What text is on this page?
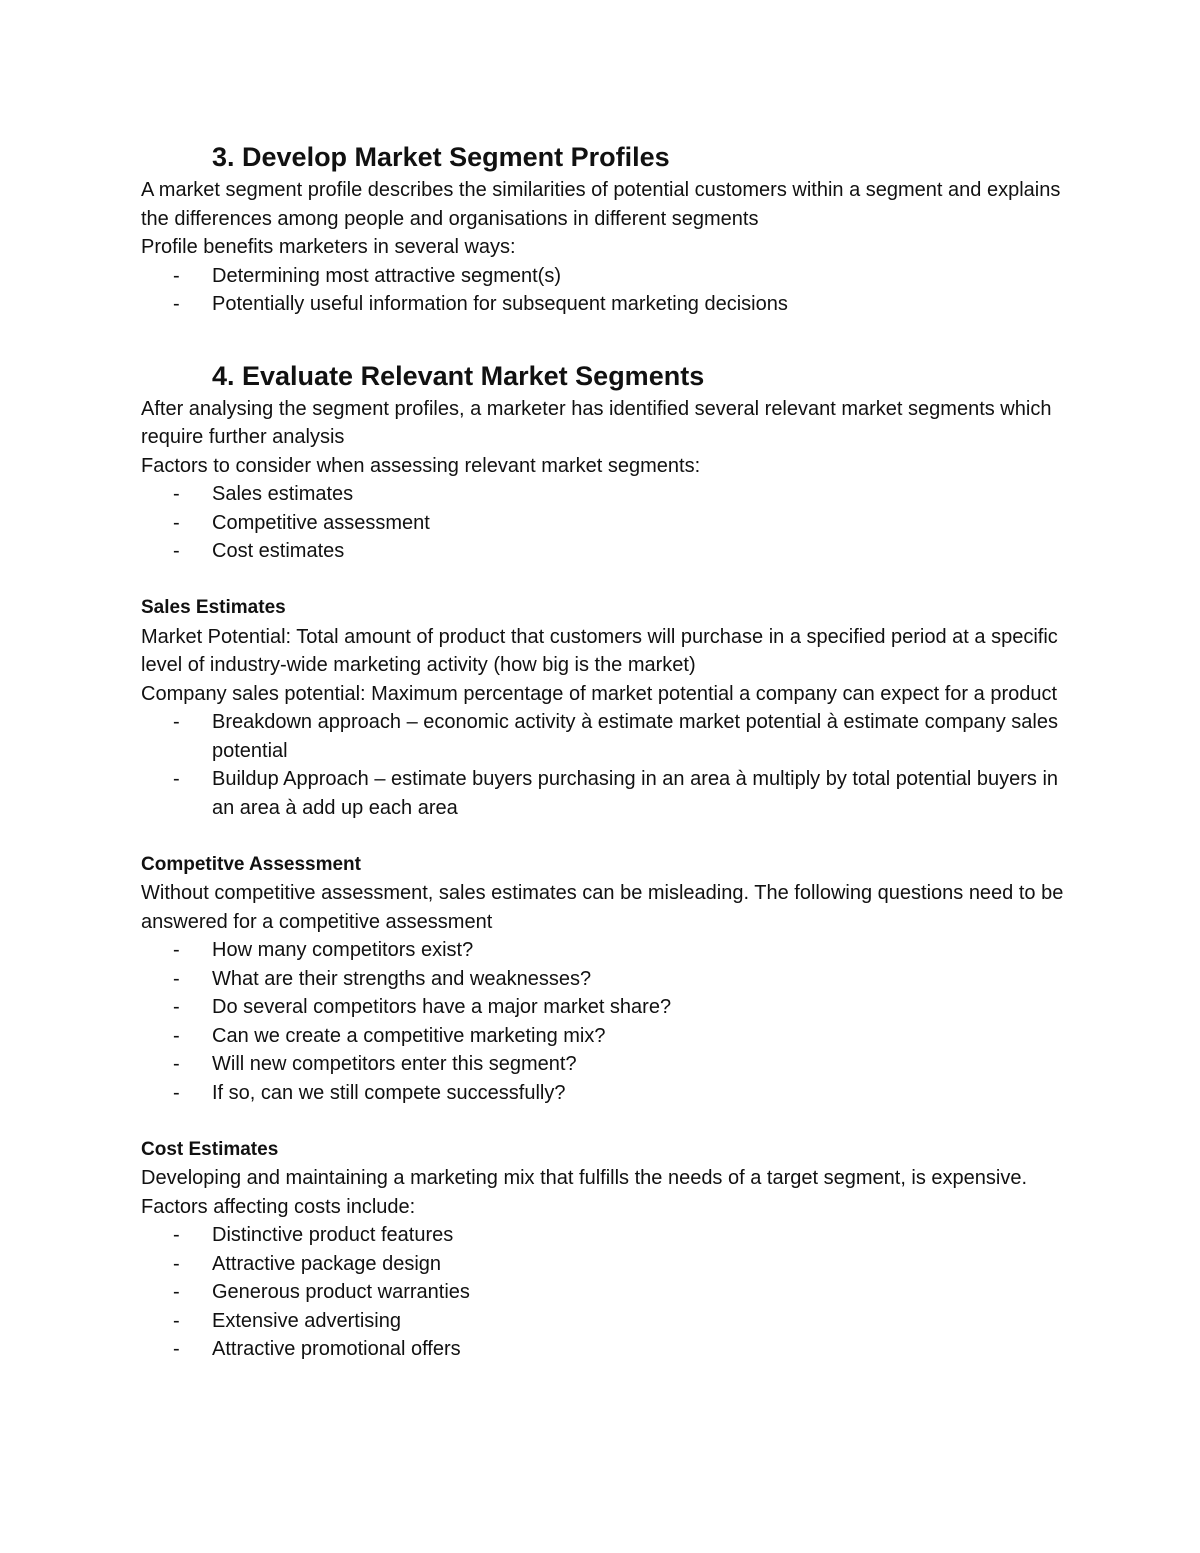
3. Develop Market Segment Profiles

A market segment profile describes the similarities of potential customers within a segment and explains the differences among people and organisations in different segments

Profile benefits marketers in several ways:

- Determining most attractive segment(s)
- Potentially useful information for subsequent marketing decisions
4. Evaluate Relevant Market Segments

After analysing the segment profiles, a marketer has identified several relevant market segments which require further analysis

Factors to consider when assessing relevant market segments:

- Sales estimates
- Competitive assessment
- Cost estimates
Sales Estimates

Market Potential: Total amount of product that customers will purchase in a specified period at a specific level of industry-wide marketing activity (how big is the market)

Company sales potential: Maximum percentage of market potential a company can expect for a product

- Breakdown approach – economic activity à estimate market potential à estimate company sales potential
- Buildup Approach – estimate buyers purchasing in an area à multiply by total potential buyers in an area à add up each area
Competitve Assessment

Without competitive assessment, sales estimates can be misleading. The following questions need to be answered for a competitive assessment

- How many competitors exist?
- What are their strengths and weaknesses?
- Do several competitors have a major market share?
- Can we create a competitive marketing mix?
- Will new competitors enter this segment?
- If so, can we still compete successfully?
Cost Estimates

Developing and maintaining a marketing mix that fulfills the needs of a target segment, is expensive. Factors affecting costs include:

- Distinctive product features
- Attractive package design
- Generous product warranties
- Extensive advertising
- Attractive promotional offers
